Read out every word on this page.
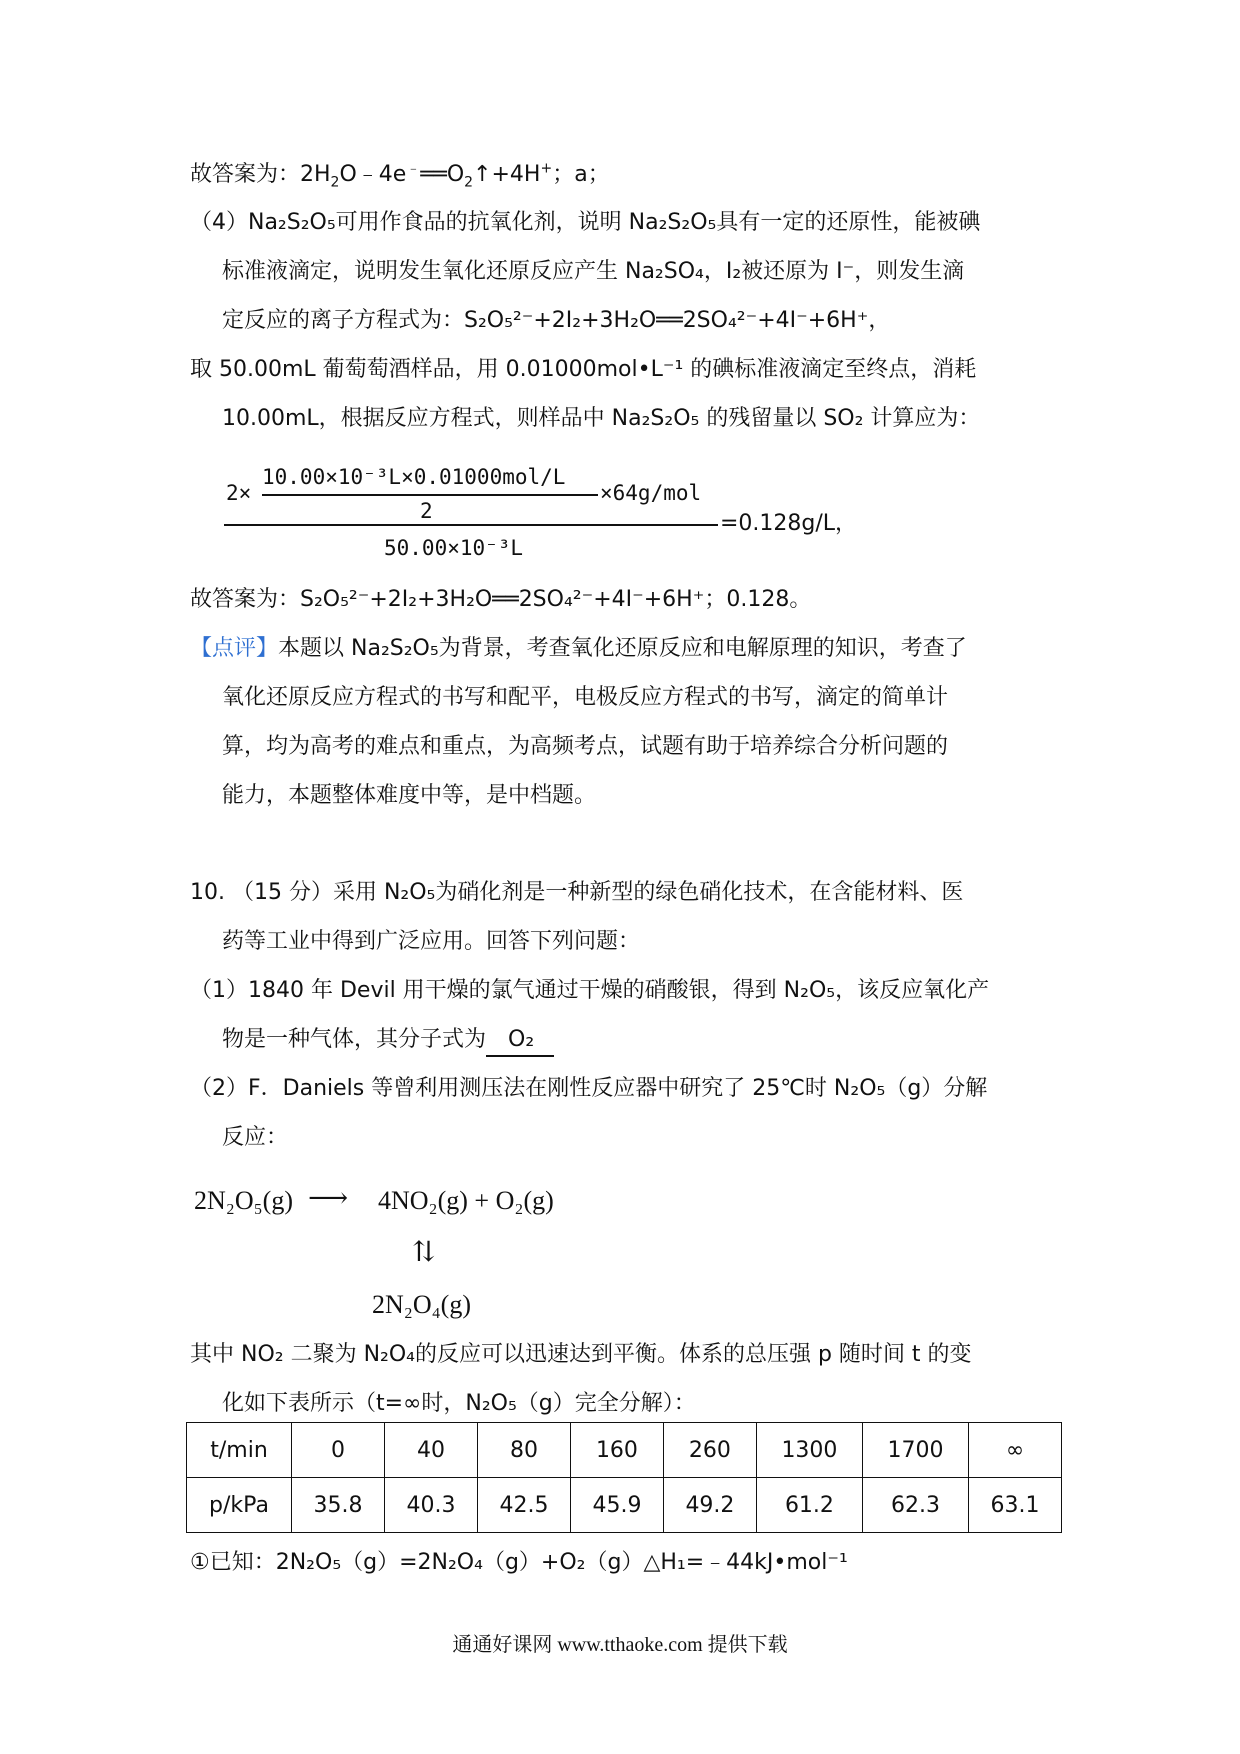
故答案为：$2H_2O﹣4e^﹣══O_2↑+4H^+$；a；
（4）Na₂S₂O₅可用作食品的抗氧化剂，说明 Na₂S₂O₅具有一定的还原性，能被碘
标准液滴定，说明发生氧化还原反应产生 Na₂SO₄，I₂被还原为 I⁻，则发生滴
定反应的离子方程式为：S₂O₅²⁻+2I₂+3H₂O══2SO₄²⁻+4I⁻+6H⁺，
取 50.00mL 葡萄萄酒样品，用 0.01000mol•L⁻¹ 的碘标准液滴定至终点，消耗
10.00mL，根据反应方程式，则样品中 Na₂S₂O₅ 的残留量以 SO₂ 计算应为：
2×
10.00×10⁻³L×0.01000mol/L
2
×64g/mol
50.00×10⁻³L
=0.128g/L，
故答案为：S₂O₅²⁻+2I₂+3H₂O══2SO₄²⁻+4I⁻+6H⁺；0.128。
【点评】本题以 Na₂S₂O₅为背景，考查氧化还原反应和电解原理的知识，考查了
氧化还原反应方程式的书写和配平，电极反应方程式的书写，滴定的简单计
算，均为高考的难点和重点，为高频考点，试题有助于培养综合分析问题的
能力，本题整体难度中等，是中档题。
10. （15 分）采用 N₂O₅为硝化剂是一种新型的绿色硝化技术，在含能材料、医
药等工业中得到广泛应用。回答下列问题：
（1）1840 年 Devil 用干燥的氯气通过干燥的硝酸银，得到 N₂O₅，该反应氧化产
物是一种气体，其分子式为 O₂
（2）F．Daniels 等曾利用测压法在刚性反应器中研究了 25℃时 N₂O₅（g）分解
反应：
2N₂O₅(g) ⟶ 4NO₂(g) + O₂(g)
⇅
2N₂O₄(g)
其中 NO₂ 二聚为 N₂O₄的反应可以迅速达到平衡。体系的总压强 p 随时间 t 的变
化如下表所示（t=∞时，N₂O₅（g）完全分解）：
t/min	0	40	80	160	260	1300	1700	∞
p/kPa	35.8	40.3	42.5	45.9	49.2	61.2	62.3	63.1
①已知：2N₂O₅（g）=2N₂O₄（g）+O₂（g）△H₁=﹣44kJ•mol⁻¹
通通好课网 www.tthaoke.com 提供下载
